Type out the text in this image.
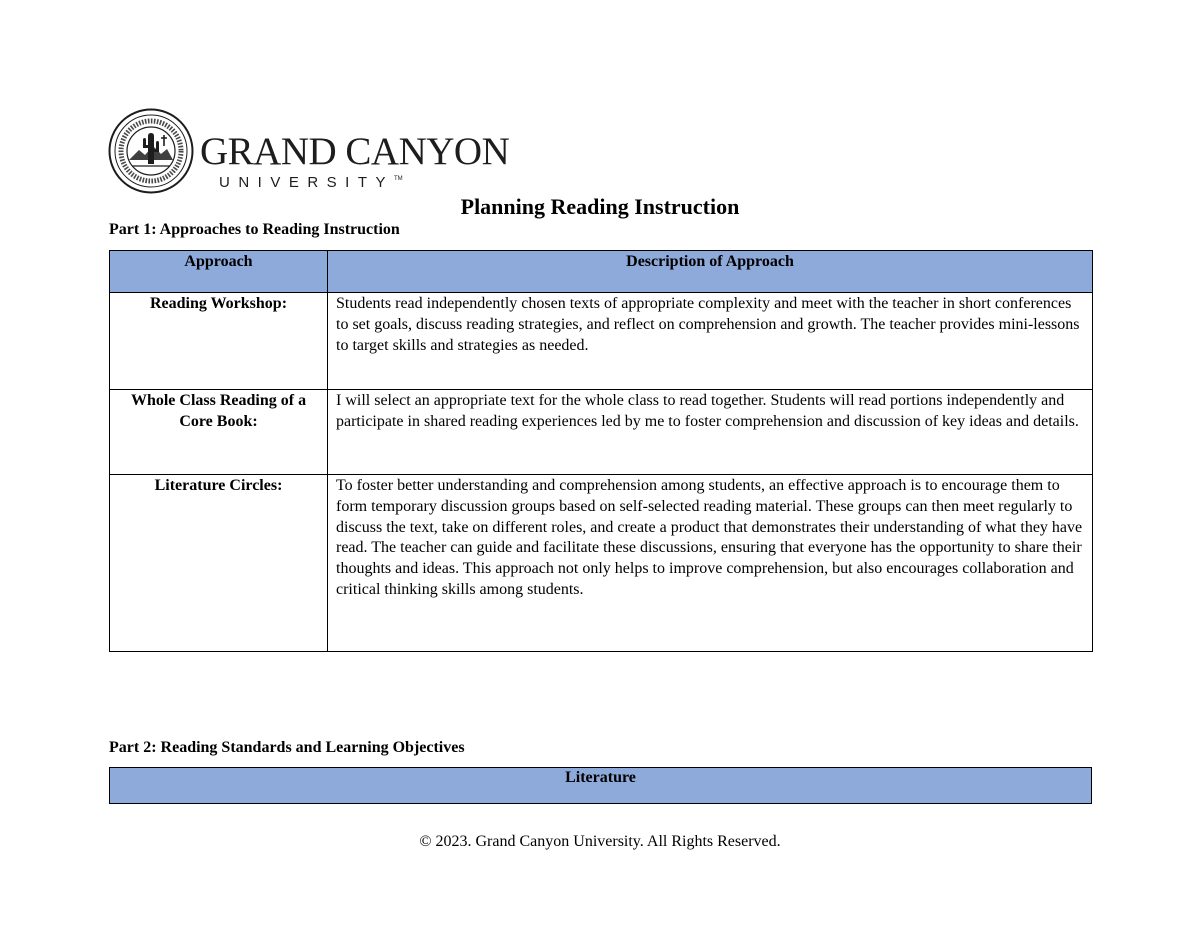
GRAND CANYON
UNIVERSITY™
Planning Reading Instruction
Part 1: Approaches to Reading Instruction
Approach	Description of Approach
Reading Workshop:	Students read independently chosen texts of appropriate complexity and meet with the teacher in short conferences to set goals, discuss reading strategies, and reflect on comprehension and growth. The teacher provides mini-lessons to target skills and strategies as needed.
Whole Class Reading of a Core Book:	I will select an appropriate text for the whole class to read together. Students will read portions independently and participate in shared reading experiences led by me to foster comprehension and discussion of key ideas and details.
Literature Circles:	To foster better understanding and comprehension among students, an effective approach is to encourage them to form temporary discussion groups based on self-selected reading material. These groups can then meet regularly to discuss the text, take on different roles, and create a product that demonstrates their understanding of what they have read. The teacher can guide and facilitate these discussions, ensuring that everyone has the opportunity to share their thoughts and ideas. This approach not only helps to improve comprehension, but also encourages collaboration and critical thinking skills among students.
Part 2: Reading Standards and Learning Objectives
Literature
© 2023. Grand Canyon University. All Rights Reserved.
